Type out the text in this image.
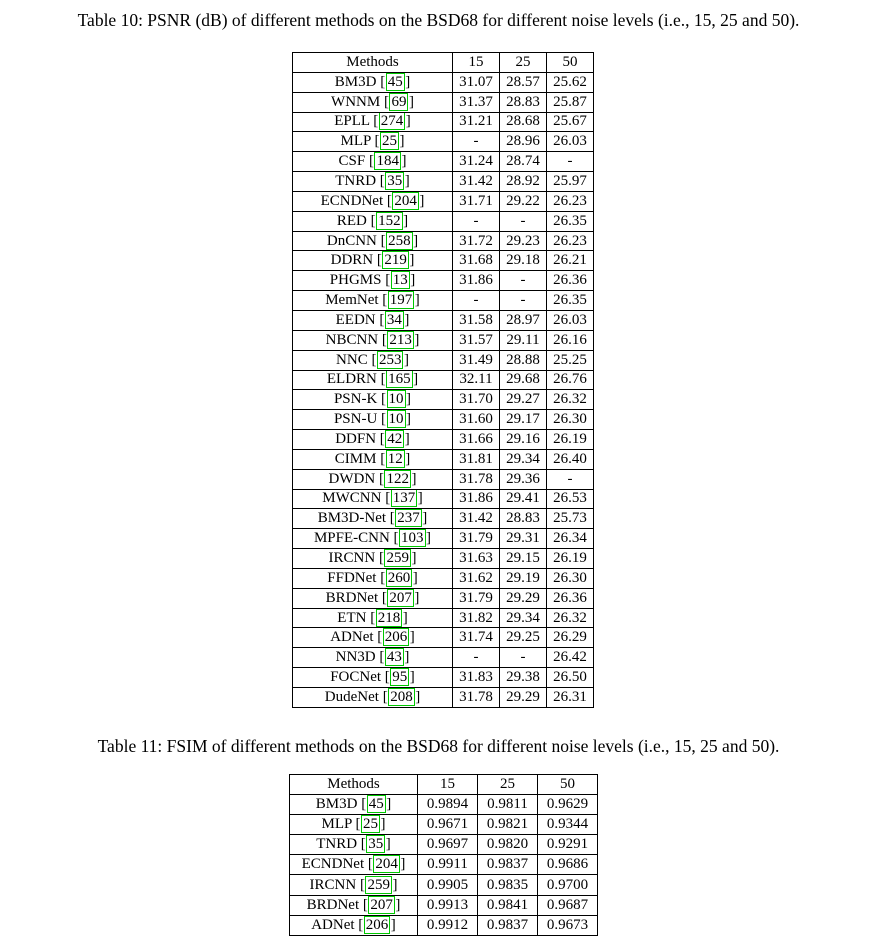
Table 10: PSNR (dB) of different methods on the BSD68 for different noise levels (i.e., 15, 25 and 50).
Methods	15	25	50
BM3D [ 45 ]	31.07	28.57	25.62
WNNM [ 69 ]	31.37	28.83	25.87
EPLL [ 274 ]	31.21	28.68	25.67
MLP [ 25 ]	-	28.96	26.03
CSF [ 184 ]	31.24	28.74	-
TNRD [ 35 ]	31.42	28.92	25.97
ECNDNet [ 204 ]	31.71	29.22	26.23
RED [ 152 ]	-	-	26.35
DnCNN [ 258 ]	31.72	29.23	26.23
DDRN [ 219 ]	31.68	29.18	26.21
PHGMS [ 13 ]	31.86	-	26.36
MemNet [ 197 ]	-	-	26.35
EEDN [ 34 ]	31.58	28.97	26.03
NBCNN [ 213 ]	31.57	29.11	26.16
NNC [ 253 ]	31.49	28.88	25.25
ELDRN [ 165 ]	32.11	29.68	26.76
PSN-K [ 10 ]	31.70	29.27	26.32
PSN-U [ 10 ]	31.60	29.17	26.30
DDFN [ 42 ]	31.66	29.16	26.19
CIMM [ 12 ]	31.81	29.34	26.40
DWDN [ 122 ]	31.78	29.36	-
MWCNN [ 137 ]	31.86	29.41	26.53
BM3D-Net [ 237 ]	31.42	28.83	25.73
MPFE-CNN [ 103 ]	31.79	29.31	26.34
IRCNN [ 259 ]	31.63	29.15	26.19
FFDNet [ 260 ]	31.62	29.19	26.30
BRDNet [ 207 ]	31.79	29.29	26.36
ETN [ 218 ]	31.82	29.34	26.32
ADNet [ 206 ]	31.74	29.25	26.29
NN3D [ 43 ]	-	-	26.42
FOCNet [ 95 ]	31.83	29.38	26.50
DudeNet [ 208 ]	31.78	29.29	26.31
Table 11: FSIM of different methods on the BSD68 for different noise levels (i.e., 15, 25 and 50).
Methods	15	25	50
BM3D [ 45 ]	0.9894	0.9811	0.9629
MLP [ 25 ]	0.9671	0.9821	0.9344
TNRD [ 35 ]	0.9697	0.9820	0.9291
ECNDNet [ 204 ]	0.9911	0.9837	0.9686
IRCNN [ 259 ]	0.9905	0.9835	0.9700
BRDNet [ 207 ]	0.9913	0.9841	0.9687
ADNet [ 206 ]	0.9912	0.9837	0.9673
